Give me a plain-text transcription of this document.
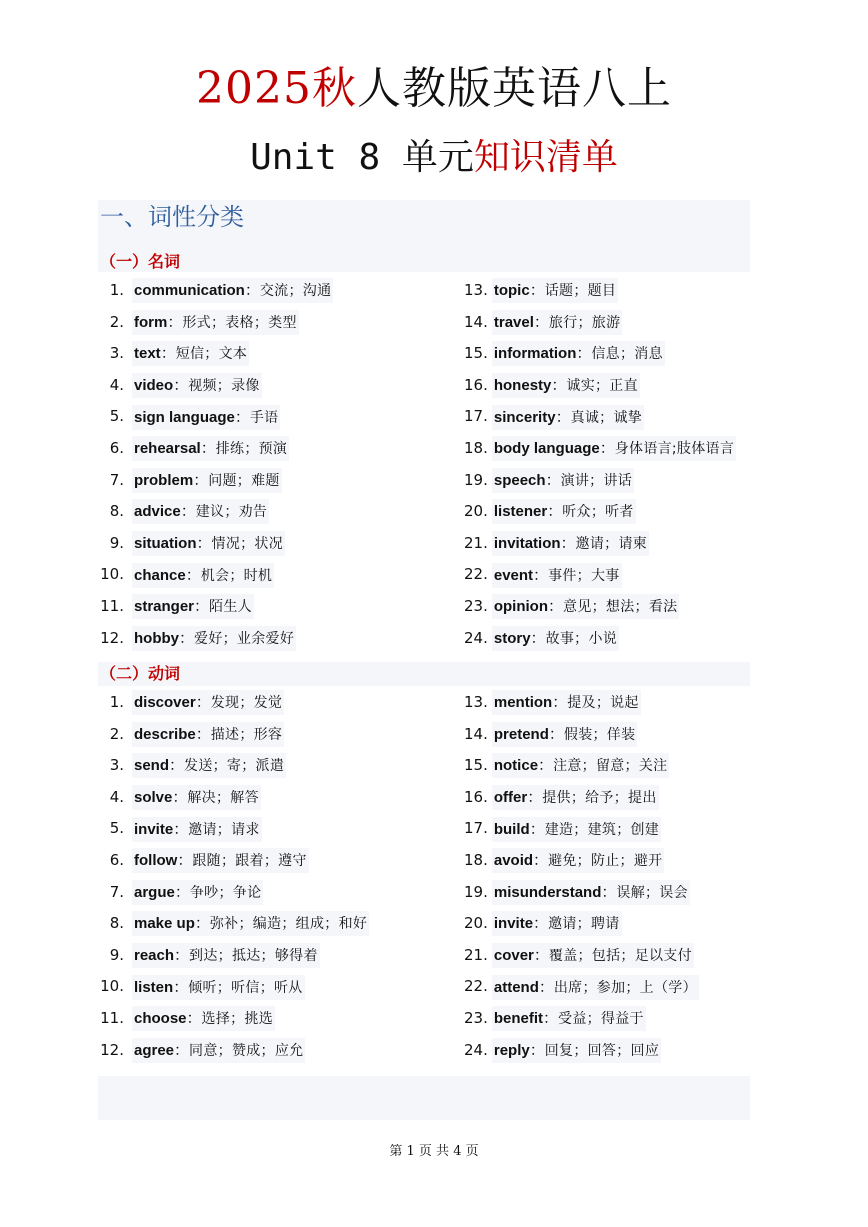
2025秋人教版英语八上
Unit 8 单元知识清单
一、词性分类
（一）名词
1. communication：交流；沟通
2. form：形式；表格；类型
3. text：短信；文本
4. video：视频；录像
5. sign language：手语
6. rehearsal：排练；预演
7. problem：问题；难题
8. advice：建议；劝告
9. situation：情况；状况
10. chance：机会；时机
11. stranger：陌生人
12. hobby：爱好；业余爱好
13. topic：话题；题目
14. travel：旅行；旅游
15. information：信息；消息
16. honesty：诚实；正直
17. sincerity：真诚；诚挚
18. body language：身体语言;肢体语言
19. speech：演讲；讲话
20. listener：听众；听者
21. invitation：邀请；请柬
22. event：事件；大事
23. opinion：意见；想法；看法
24. story：故事；小说
（二）动词
1. discover：发现；发觉
2. describe：描述；形容
3. send：发送；寄；派遣
4. solve：解决；解答
5. invite：邀请；请求
6. follow：跟随；跟着；遵守
7. argue：争吵；争论
8. make up：弥补；编造；组成；和好
9. reach：到达；抵达；够得着
10. listen：倾听；听信；听从
11. choose：选择；挑选
12. agree：同意；赞成；应允
13. mention：提及；说起
14. pretend：假装；佯装
15. notice：注意；留意；关注
16. offer：提供；给予；提出
17. build：建造；建筑；创建
18. avoid：避免；防止；避开
19. misunderstand：误解；误会
20. invite：邀请；聘请
21. cover：覆盖；包括；足以支付
22. attend：出席；参加；上（学）
23. benefit：受益；得益于
24. reply：回复；回答；回应
第 1 页 共 4 页
